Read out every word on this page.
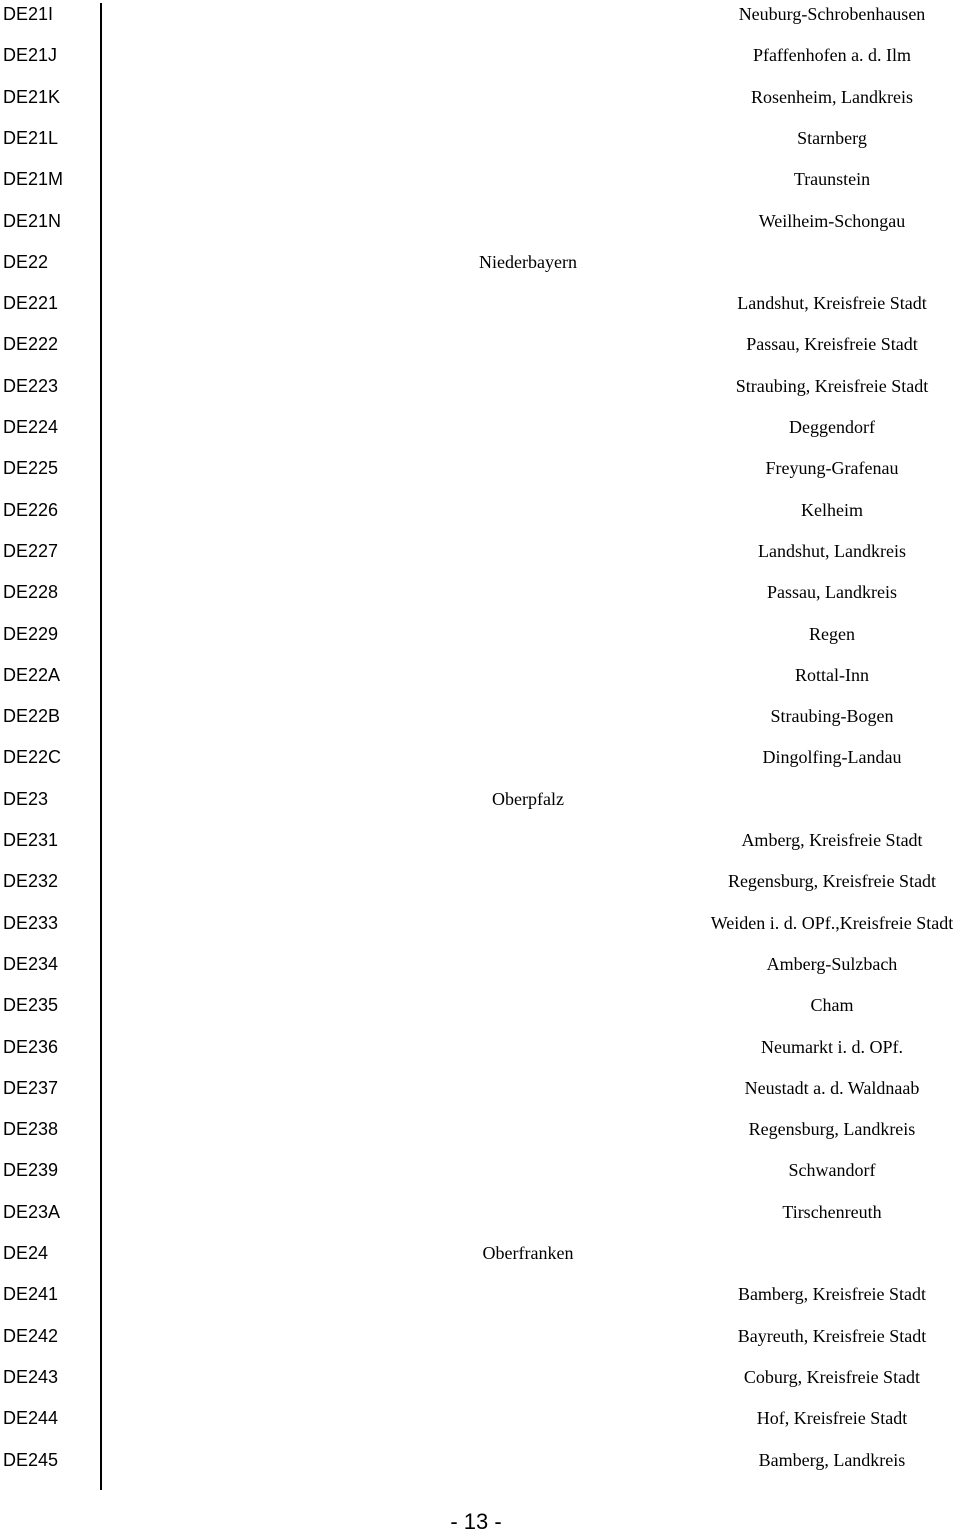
DE21I	Neuburg-Schrobenhausen
DE21J	Pfaffenhofen a. d. Ilm
DE21K	Rosenheim, Landkreis
DE21L	Starnberg
DE21M	Traunstein
DE21N	Weilheim-Schongau
DE22	Niederbayern
DE221	Landshut, Kreisfreie Stadt
DE222	Passau, Kreisfreie Stadt
DE223	Straubing, Kreisfreie Stadt
DE224	Deggendorf
DE225	Freyung-Grafenau
DE226	Kelheim
DE227	Landshut, Landkreis
DE228	Passau, Landkreis
DE229	Regen
DE22A	Rottal-Inn
DE22B	Straubing-Bogen
DE22C	Dingolfing-Landau
DE23	Oberpfalz
DE231	Amberg, Kreisfreie Stadt
DE232	Regensburg, Kreisfreie Stadt
DE233	Weiden i. d. OPf.,Kreisfreie Stadt
DE234	Amberg-Sulzbach
DE235	Cham
DE236	Neumarkt i. d. OPf.
DE237	Neustadt a. d. Waldnaab
DE238	Regensburg, Landkreis
DE239	Schwandorf
DE23A	Tirschenreuth
DE24	Oberfranken
DE241	Bamberg, Kreisfreie Stadt
DE242	Bayreuth, Kreisfreie Stadt
DE243	Coburg, Kreisfreie Stadt
DE244	Hof, Kreisfreie Stadt
DE245	Bamberg, Landkreis
- 13 -
